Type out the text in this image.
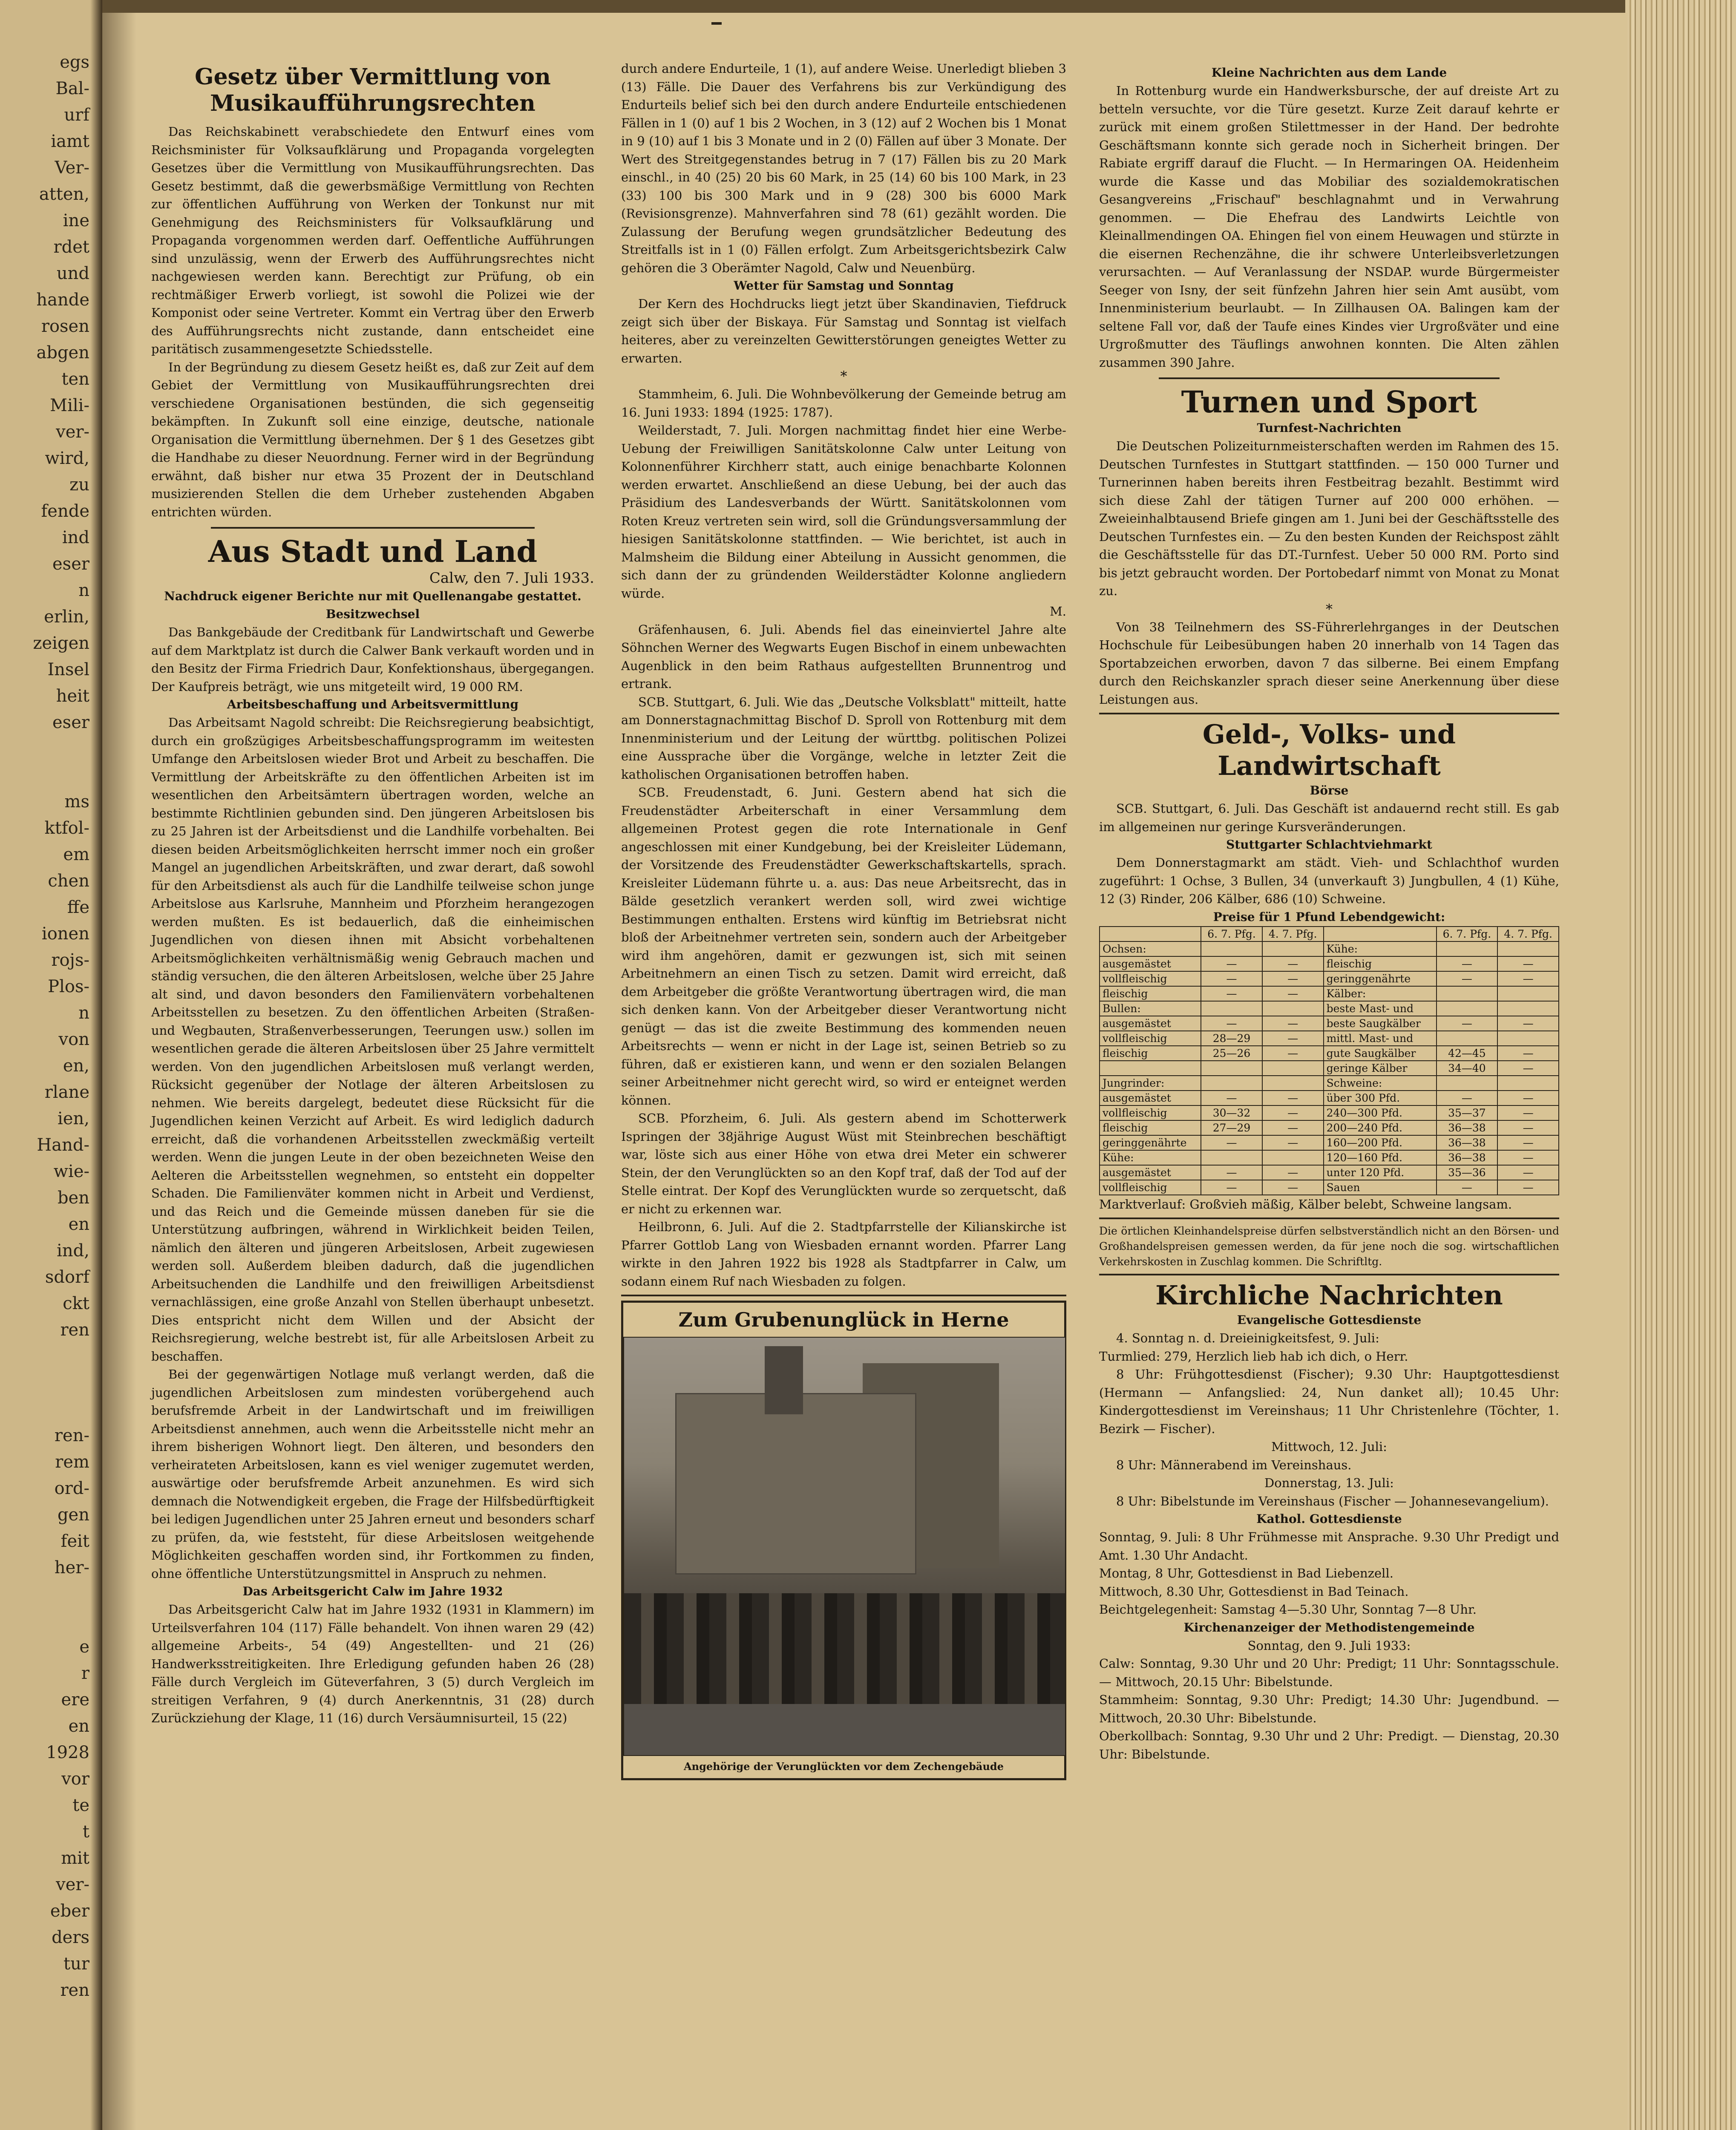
egs
Bal-
urf
iamt
Ver-
atten,
ine
rdet
und
hande
rosen
abgen
ten
Mili-
ver-
wird,
zu
fende
ind
eser
n
erlin,
zeigen
Insel
heit
eser
ms
ktfol-
em
chen
ffe
ionen
rojs-
Plos-
n
von
en,
rlane
ien,
Hand-
wie-
ben
en
ind,
sdorf
ckt
ren
ren-
rem
ord-
gen
feit
her-
e
r
ere
en
1928
vor
te
t
mit
ver-
eber
ders
tur
ren

Gesetz über Vermittlung von Musikaufführungsrechten

Das Reichskabinett verabschiedete den Entwurf eines vom Reichsminister für Volksaufklärung und Propaganda vorgelegten Gesetzes über die Vermittlung von Musikaufführungsrechten. Das Gesetz bestimmt, daß die gewerbsmäßige Vermittlung von Rechten zur öffentlichen Aufführung von Werken der Tonkunst nur mit Genehmigung des Reichsministers für Volksaufklärung und Propaganda vorgenommen werden darf. Oeffentliche Aufführungen sind unzulässig, wenn der Erwerb des Aufführungsrechtes nicht nachgewiesen werden kann. Berechtigt zur Prüfung, ob ein rechtmäßiger Erwerb vorliegt, ist sowohl die Polizei wie der Komponist oder seine Vertreter. Kommt ein Vertrag über den Erwerb des Aufführungsrechts nicht zustande, dann entscheidet eine paritätisch zusammengesetzte Schiedsstelle.

In der Begründung zu diesem Gesetz heißt es, daß zur Zeit auf dem Gebiet der Vermittlung von Musikaufführungsrechten drei verschiedene Organisationen bestünden, die sich gegenseitig bekämpften. In Zukunft soll eine einzige, deutsche, nationale Organisation die Vermittlung übernehmen. Der § 1 des Gesetzes gibt die Handhabe zu dieser Neuordnung. Ferner wird in der Begründung erwähnt, daß bisher nur etwa 35 Prozent der in Deutschland musizierenden Stellen die dem Urheber zustehenden Abgaben entrichten würden.

Aus Stadt und Land

Calw, den 7. Juli 1933.

Nachdruck eigener Berichte nur mit Quellenangabe gestattet.

Besitzwechsel

Das Bankgebäude der Creditbank für Landwirtschaft und Gewerbe auf dem Marktplatz ist durch die Calwer Bank verkauft worden und in den Besitz der Firma Friedrich Daur, Konfektionshaus, übergegangen. Der Kaufpreis beträgt, wie uns mitgeteilt wird, 19 000 RM.

Arbeitsbeschaffung und Arbeitsvermittlung

Das Arbeitsamt Nagold schreibt: Die Reichsregierung beabsichtigt, durch ein großzügiges Arbeitsbeschaffungsprogramm im weitesten Umfange den Arbeitslosen wieder Brot und Arbeit zu beschaffen. Die Vermittlung der Arbeitskräfte zu den öffentlichen Arbeiten ist im wesentlichen den Arbeitsämtern übertragen worden, welche an bestimmte Richtlinien gebunden sind. Den jüngeren Arbeitslosen bis zu 25 Jahren ist der Arbeitsdienst und die Landhilfe vorbehalten. Bei diesen beiden Arbeitsmöglichkeiten herrscht immer noch ein großer Mangel an jugendlichen Arbeitskräften, und zwar derart, daß sowohl für den Arbeitsdienst als auch für die Landhilfe teilweise schon junge Arbeitslose aus Karlsruhe, Mannheim und Pforzheim herangezogen werden mußten. Es ist bedauerlich, daß die einheimischen Jugendlichen von diesen ihnen mit Absicht vorbehaltenen Arbeitsmöglichkeiten verhältnismäßig wenig Gebrauch machen und ständig versuchen, die den älteren Arbeitslosen, welche über 25 Jahre alt sind, und davon besonders den Familienvätern vorbehaltenen Arbeitsstellen zu besetzen. Zu den öffentlichen Arbeiten (Straßen- und Wegbauten, Straßenverbesserungen, Teerungen usw.) sollen im wesentlichen gerade die älteren Arbeitslosen über 25 Jahre vermittelt werden. Von den jugendlichen Arbeitslosen muß verlangt werden, Rücksicht gegenüber der Notlage der älteren Arbeitslosen zu nehmen. Wie bereits dargelegt, bedeutet diese Rücksicht für die Jugendlichen keinen Verzicht auf Arbeit. Es wird lediglich dadurch erreicht, daß die vorhandenen Arbeitsstellen zweckmäßig verteilt werden. Wenn die jungen Leute in der oben bezeichneten Weise den Aelteren die Arbeitsstellen wegnehmen, so entsteht ein doppelter Schaden. Die Familienväter kommen nicht in Arbeit und Verdienst, und das Reich und die Gemeinde müssen daneben für sie die Unterstützung aufbringen, während in Wirklichkeit beiden Teilen, nämlich den älteren und jüngeren Arbeitslosen, Arbeit zugewiesen werden soll. Außerdem bleiben dadurch, daß die jugendlichen Arbeitsuchenden die Landhilfe und den freiwilligen Arbeitsdienst vernachlässigen, eine große Anzahl von Stellen überhaupt unbesetzt. Dies entspricht nicht dem Willen und der Absicht der Reichsregierung, welche bestrebt ist, für alle Arbeitslosen Arbeit zu beschaffen.

Bei der gegenwärtigen Notlage muß verlangt werden, daß die jugendlichen Arbeitslosen zum mindesten vorübergehend auch berufsfremde Arbeit in der Landwirtschaft und im freiwilligen Arbeitsdienst annehmen, auch wenn die Arbeitsstelle nicht mehr an ihrem bisherigen Wohnort liegt. Den älteren, und besonders den verheirateten Arbeitslosen, kann es viel weniger zugemutet werden, auswärtige oder berufsfremde Arbeit anzunehmen. Es wird sich demnach die Notwendigkeit ergeben, die Frage der Hilfsbedürftigkeit bei ledigen Jugendlichen unter 25 Jahren erneut und besonders scharf zu prüfen, da, wie feststeht, für diese Arbeitslosen weitgehende Möglichkeiten geschaffen worden sind, ihr Fortkommen zu finden, ohne öffentliche Unterstützungsmittel in Anspruch zu nehmen.

Das Arbeitsgericht Calw im Jahre 1932

Das Arbeitsgericht Calw hat im Jahre 1932 (1931 in Klammern) im Urteilsverfahren 104 (117) Fälle behandelt. Von ihnen waren 29 (42) allgemeine Arbeits-, 54 (49) Angestellten- und 21 (26) Handwerksstreitigkeiten. Ihre Erledigung gefunden haben 26 (28) Fälle durch Vergleich im Güteverfahren, 3 (5) durch Vergleich im streitigen Verfahren, 9 (4) durch Anerkenntnis, 31 (28) durch Zurückziehung der Klage, 11 (16) durch Versäumnisurteil, 15 (22)

durch andere Endurteile, 1 (1), auf andere Weise. Unerledigt blieben 3 (13) Fälle. Die Dauer des Verfahrens bis zur Verkündigung des Endurteils belief sich bei den durch andere Endurteile entschiedenen Fällen in 1 (0) auf 1 bis 2 Wochen, in 3 (12) auf 2 Wochen bis 1 Monat in 9 (10) auf 1 bis 3 Monate und in 2 (0) Fällen auf über 3 Monate. Der Wert des Streitgegenstandes betrug in 7 (17) Fällen bis zu 20 Mark einschl., in 40 (25) 20 bis 60 Mark, in 25 (14) 60 bis 100 Mark, in 23 (33) 100 bis 300 Mark und in 9 (28) 300 bis 6000 Mark (Revisionsgrenze). Mahnverfahren sind 78 (61) gezählt worden. Die Zulassung der Berufung wegen grundsätzlicher Bedeutung des Streitfalls ist in 1 (0) Fällen erfolgt. Zum Arbeitsgerichtsbezirk Calw gehören die 3 Oberämter Nagold, Calw und Neuenbürg.

Wetter für Samstag und Sonntag

Der Kern des Hochdrucks liegt jetzt über Skandinavien, Tiefdruck zeigt sich über der Biskaya. Für Samstag und Sonntag ist vielfach heiteres, aber zu vereinzelten Gewitterstörungen geneigtes Wetter zu erwarten.

*

Stammheim, 6. Juli. Die Wohnbevölkerung der Gemeinde betrug am 16. Juni 1933: 1894 (1925: 1787).

Weilderstadt, 7. Juli. Morgen nachmittag findet hier eine Werbe-Uebung der Freiwilligen Sanitätskolonne Calw unter Leitung von Kolonnenführer Kirchherr statt, auch einige benachbarte Kolonnen werden erwartet. Anschließend an diese Uebung, bei der auch das Präsidium des Landesverbands der Württ. Sanitätskolonnen vom Roten Kreuz vertreten sein wird, soll die Gründungsversammlung der hiesigen Sanitätskolonne stattfinden. — Wie berichtet, ist auch in Malmsheim die Bildung einer Abteilung in Aussicht genommen, die sich dann der zu gründenden Weilderstädter Kolonne angliedern würde.

M.

Gräfenhausen, 6. Juli. Abends fiel das eineinviertel Jahre alte Söhnchen Werner des Wegwarts Eugen Bischof in einem unbewachten Augenblick in den beim Rathaus aufgestellten Brunnentrog und ertrank.

SCB. Stuttgart, 6. Juli. Wie das „Deutsche Volksblatt" mitteilt, hatte am Donnerstagnachmittag Bischof D. Sproll von Rottenburg mit dem Innenministerium und der Leitung der württbg. politischen Polizei eine Aussprache über die Vorgänge, welche in letzter Zeit die katholischen Organisationen betroffen haben.

SCB. Freudenstadt, 6. Juni. Gestern abend hat sich die Freudenstädter Arbeiterschaft in einer Versammlung dem allgemeinen Protest gegen die rote Internationale in Genf angeschlossen mit einer Kundgebung, bei der Kreisleiter Lüdemann, der Vorsitzende des Freudenstädter Gewerkschaftskartells, sprach. Kreisleiter Lüdemann führte u. a. aus: Das neue Arbeitsrecht, das in Bälde gesetzlich verankert werden soll, wird zwei wichtige Bestimmungen enthalten. Erstens wird künftig im Betriebsrat nicht bloß der Arbeitnehmer vertreten sein, sondern auch der Arbeitgeber wird ihm angehören, damit er gezwungen ist, sich mit seinen Arbeitnehmern an einen Tisch zu setzen. Damit wird erreicht, daß dem Arbeitgeber die größte Verantwortung übertragen wird, die man sich denken kann. Von der Arbeitgeber dieser Verantwortung nicht genügt — das ist die zweite Bestimmung des kommenden neuen Arbeitsrechts — wenn er nicht in der Lage ist, seinen Betrieb so zu führen, daß er existieren kann, und wenn er den sozialen Belangen seiner Arbeitnehmer nicht gerecht wird, so wird er enteignet werden können.

SCB. Pforzheim, 6. Juli. Als gestern abend im Schotterwerk Ispringen der 38jährige August Wüst mit Steinbrechen beschäftigt war, löste sich aus einer Höhe von etwa drei Meter ein schwerer Stein, der den Verunglückten so an den Kopf traf, daß der Tod auf der Stelle eintrat. Der Kopf des Verunglückten wurde so zerquetscht, daß er nicht zu erkennen war.

Heilbronn, 6. Juli. Auf die 2. Stadtpfarrstelle der Kilianskirche ist Pfarrer Gottlob Lang von Wiesbaden ernannt worden. Pfarrer Lang wirkte in den Jahren 1922 bis 1928 als Stadtpfarrer in Calw, um sodann einem Ruf nach Wiesbaden zu folgen.

Zum Grubenunglück in Herne

Angehörige der Verunglückten vor dem Zechengebäude

Kleine Nachrichten aus dem Lande

In Rottenburg wurde ein Handwerksbursche, der auf dreiste Art zu betteln versuchte, vor die Türe gesetzt. Kurze Zeit darauf kehrte er zurück mit einem großen Stilettmesser in der Hand. Der bedrohte Geschäftsmann konnte sich gerade noch in Sicherheit bringen. Der Rabiate ergriff darauf die Flucht. — In Hermaringen OA. Heidenheim wurde die Kasse und das Mobiliar des sozialdemokratischen Gesangvereins „Frischauf" beschlagnahmt und in Verwahrung genommen. — Die Ehefrau des Landwirts Leichtle von Kleinallmendingen OA. Ehingen fiel von einem Heuwagen und stürzte in die eisernen Rechenzähne, die ihr schwere Unterleibsverletzungen verursachten. — Auf Veranlassung der NSDAP. wurde Bürgermeister Seeger von Isny, der seit fünfzehn Jahren hier sein Amt ausübt, vom Innenministerium beurlaubt. — In Zillhausen OA. Balingen kam der seltene Fall vor, daß der Taufe eines Kindes vier Urgroßväter und eine Urgroßmutter des Täuflings anwohnen konnten. Die Alten zählen zusammen 390 Jahre.

Turnen und Sport

Turnfest-Nachrichten

Die Deutschen Polizeiturnmeisterschaften werden im Rahmen des 15. Deutschen Turnfestes in Stuttgart stattfinden. — 150 000 Turner und Turnerinnen haben bereits ihren Festbeitrag bezahlt. Bestimmt wird sich diese Zahl der tätigen Turner auf 200 000 erhöhen. — Zweieinhalbtausend Briefe gingen am 1. Juni bei der Geschäftsstelle des Deutschen Turnfestes ein. — Zu den besten Kunden der Reichspost zählt die Geschäftsstelle für das DT.-Turnfest. Ueber 50 000 RM. Porto sind bis jetzt gebraucht worden. Der Portobedarf nimmt von Monat zu Monat zu.

*

Von 38 Teilnehmern des SS-Führerlehrganges in der Deutschen Hochschule für Leibesübungen haben 20 innerhalb von 14 Tagen das Sportabzeichen erworben, davon 7 das silberne. Bei einem Empfang durch den Reichskanzler sprach dieser seine Anerkennung über diese Leistungen aus.

Geld-, Volks- und Landwirtschaft

Börse

SCB. Stuttgart, 6. Juli. Das Geschäft ist andauernd recht still. Es gab im allgemeinen nur geringe Kursveränderungen.

Stuttgarter Schlachtviehmarkt

Dem Donnerstagmarkt am städt. Vieh- und Schlachthof wurden zugeführt: 1 Ochse, 3 Bullen, 34 (unverkauft 3) Jungbullen, 4 (1) Kühe, 12 (3) Rinder, 206 Kälber, 686 (10) Schweine.

Preise für 1 Pfund Lebendgewicht:

	6. 7. Pfg.	4. 7. Pfg.		6. 7. Pfg.	4. 7. Pfg.
Ochsen:			Kühe:		
ausgemästet	—	—	fleischig	—	—
vollfleischig	—	—	geringgenährte	—	—
fleischig	—	—	Kälber:		
Bullen:			beste Mast- und		
ausgemästet	—	—	beste Saugkälber	—	—
vollfleischig	28—29	—	mittl. Mast- und		
fleischig	25—26	—	gute Saugkälber	42—45	—
			geringe Kälber	34—40	—
Jungrinder:			Schweine:		
ausgemästet	—	—	über 300 Pfd.	—	—
vollfleischig	30—32	—	240—300 Pfd.	35—37	—
fleischig	27—29	—	200—240 Pfd.	36—38	—
geringgenährte	—	—	160—200 Pfd.	36—38	—
Kühe:			120—160 Pfd.	36—38	—
ausgemästet	—	—	unter 120 Pfd.	35—36	—
vollfleischig	—	—	Sauen	—	—

Marktverlauf: Großvieh mäßig, Kälber belebt, Schweine langsam.

Die örtlichen Kleinhandelspreise dürfen selbstverständlich nicht an den Börsen- und Großhandelspreisen gemessen werden, da für jene noch die sog. wirtschaftlichen Verkehrskosten in Zuschlag kommen. Die Schriftltg.

Kirchliche Nachrichten

Evangelische Gottesdienste

4. Sonntag n. d. Dreieinigkeitsfest, 9. Juli:

Turmlied: 279, Herzlich lieb hab ich dich, o Herr.

8 Uhr: Frühgottesdienst (Fischer); 9.30 Uhr: Hauptgottesdienst (Hermann — Anfangslied: 24, Nun danket all); 10.45 Uhr: Kindergottesdienst im Vereinshaus; 11 Uhr Christenlehre (Töchter, 1. Bezirk — Fischer).

Mittwoch, 12. Juli:

8 Uhr: Männerabend im Vereinshaus.

Donnerstag, 13. Juli:

8 Uhr: Bibelstunde im Vereinshaus (Fischer — Johannesevangelium).

Kathol. Gottesdienste

Sonntag, 9. Juli: 8 Uhr Frühmesse mit Ansprache. 9.30 Uhr Predigt und Amt. 1.30 Uhr Andacht.

Montag, 8 Uhr, Gottesdienst in Bad Liebenzell.

Mittwoch, 8.30 Uhr, Gottesdienst in Bad Teinach.

Beichtgelegenheit: Samstag 4—5.30 Uhr, Sonntag 7—8 Uhr.

Kirchenanzeiger der Methodistengemeinde

Sonntag, den 9. Juli 1933:

Calw: Sonntag, 9.30 Uhr und 20 Uhr: Predigt; 11 Uhr: Sonntagsschule. — Mittwoch, 20.15 Uhr: Bibelstunde.

Stammheim: Sonntag, 9.30 Uhr: Predigt; 14.30 Uhr: Jugendbund. — Mittwoch, 20.30 Uhr: Bibelstunde.

Oberkollbach: Sonntag, 9.30 Uhr und 2 Uhr: Predigt. — Dienstag, 20.30 Uhr: Bibelstunde.
